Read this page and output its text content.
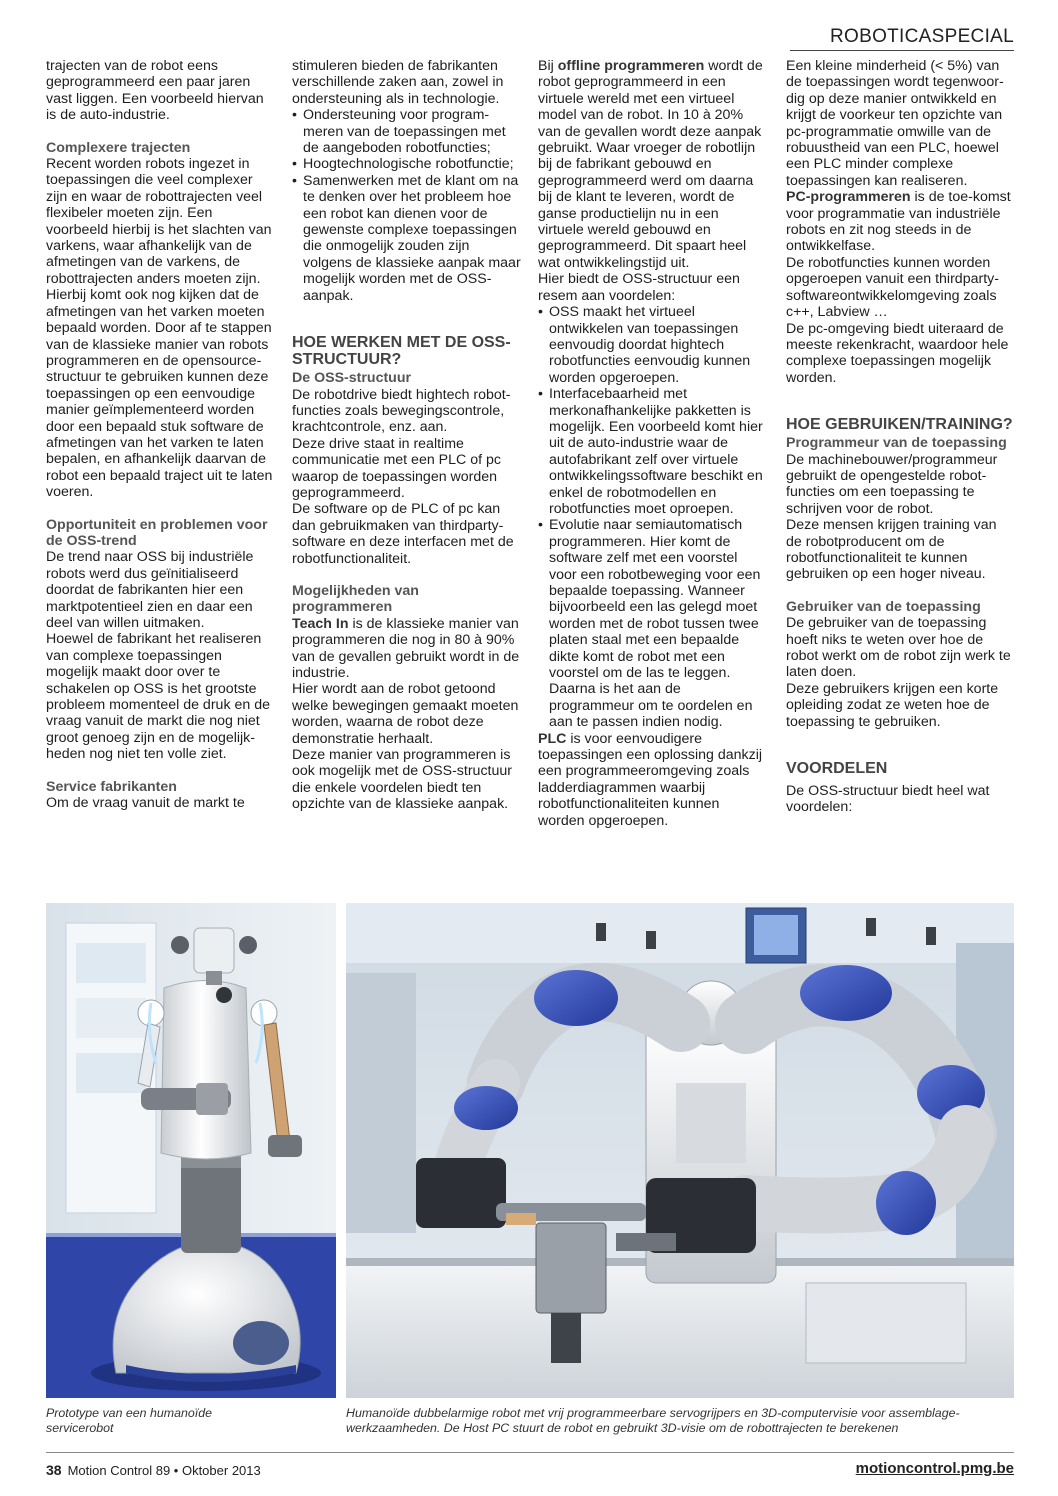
ROBOTICASPECIAL

trajecten van de robot eens geprogrammeerd een paar jaren vast liggen. Een voorbeeld hiervan is de auto-industrie.

Complexere trajecten

Recent worden robots ingezet in toepassingen die veel complexer zijn en waar de robottrajecten veel flexibeler moeten zijn. Een voorbeeld hierbij is het slachten van varkens, waar afhankelijk van de afmetingen van de varkens, de robottrajecten anders moeten zijn. Hierbij komt ook nog kijken dat de afmetingen van het varken moeten bepaald worden. Door af te stappen van de klassieke manier van robots programmeren en de opensource-structuur te gebruiken kunnen deze toepassingen op een eenvoudige manier geïmplementeerd worden door een bepaald stuk software de afmetingen van het varken te laten bepalen, en afhankelijk daarvan de robot een bepaald traject uit te laten voeren.

Opportuniteit en problemen voor de OSS-trend

De trend naar OSS bij industriële robots werd dus geïnitialiseerd doordat de fabrikanten hier een marktpotentieel zien en daar een deel van willen uitmaken.

Hoewel de fabrikant het realiseren van complexe toepassingen mogelijk maakt door over te schakelen op OSS is het grootste probleem momenteel de druk en de vraag vanuit de markt die nog niet groot genoeg zijn en de mogelijk-heden nog niet ten volle ziet.

Service fabrikanten

Om de vraag vanuit de markt te

stimuleren bieden de fabrikanten verschillende zaken aan, zowel in ondersteuning als in technologie.

• Ondersteuning voor program-meren van de toepassingen met de aangeboden robotfuncties;
• Hoogtechnologische robotfunctie;
• Samenwerken met de klant om na te denken over het probleem hoe een robot kan dienen voor de gewenste complexe toepassingen die onmogelijk zouden zijn volgens de klassieke aanpak maar mogelijk worden met de OSS-aanpak.
HOE WERKEN MET DE OSS-STRUCTUUR?
De OSS-structuur

De robotdrive biedt hightech robot-functies zoals bewegingscontrole, krachtcontrole, enz. aan.

Deze drive staat in realtime communicatie met een PLC of pc waarop de toepassingen worden geprogrammeerd.

De software op de PLC of pc kan dan gebruikmaken van thirdparty-software en deze interfacen met de robotfunctionaliteit.

Mogelijkheden van programmeren

Teach In is de klassieke manier van programmeren die nog in 80 à 90% van de gevallen gebruikt wordt in de industrie.

Hier wordt aan de robot getoond welke bewegingen gemaakt moeten worden, waarna de robot deze demonstratie herhaalt.

Deze manier van programmeren is ook mogelijk met de OSS-structuur die enkele voordelen biedt ten opzichte van de klassieke aanpak.

Bij offline programmeren wordt de robot geprogrammeerd in een virtuele wereld met een virtueel model van de robot. In 10 à 20% van de gevallen wordt deze aanpak gebruikt. Waar vroeger de robotlijn bij de fabrikant gebouwd en geprogrammeerd werd om daarna bij de klant te leveren, wordt de ganse productielijn nu in een virtuele wereld gebouwd en geprogrammeerd. Dit spaart heel wat ontwikkelingstijd uit.

Hier biedt de OSS-structuur een resem aan voordelen:

• OSS maakt het virtueel ontwikkelen van toepassingen eenvoudig doordat hightech robotfuncties eenvoudig kunnen worden opgeroepen.
• Interfacebaarheid met merkonafhankelijke pakketten is mogelijk. Een voorbeeld komt hier uit de auto-industrie waar de autofabrikant zelf over virtuele ontwikkelingssoftware beschikt en enkel de robotmodellen en robotfuncties moet oproepen.
• Evolutie naar semiautomatisch programmeren. Hier komt de software zelf met een voorstel voor een robotbeweging voor een bepaalde toepassing. Wanneer bijvoorbeeld een las gelegd moet worden met de robot tussen twee platen staal met een bepaalde dikte komt de robot met een voorstel om de las te leggen. Daarna is het aan de programmeur om te oordelen en aan te passen indien nodig.

PLC is voor eenvoudigere toepassingen een oplossing dankzij een programmeeromgeving zoals ladderdiagrammen waarbij robotfunctionaliteiten kunnen worden opgeroepen.

Een kleine minderheid (< 5%) van de toepassingen wordt tegenwoor-dig op deze manier ontwikkeld en krijgt de voorkeur ten opzichte van pc-programmatie omwille van de robuustheid van een PLC, hoewel een PLC minder complexe toepassingen kan realiseren.

PC-programmeren is de toe-komst voor programmatie van industriële robots en zit nog steeds in de ontwikkelfase.

De robotfuncties kunnen worden opgeroepen vanuit een thirdparty-softwareontwikkelomgeving zoals c++, Labview …

De pc-omgeving biedt uiteraard de meeste rekenkracht, waardoor hele complexe toepassingen mogelijk worden.

HOE GEBRUIKEN/TRAINING?
Programmeur van de toepassing

De machinebouwer/programmeur gebruikt de opengestelde robot-functies om een toepassing te schrijven voor de robot.

Deze mensen krijgen training van de robotproducent om de robotfunctionaliteit te kunnen gebruiken op een hoger niveau.

Gebruiker van de toepassing

De gebruiker van de toepassing hoeft niks te weten over hoe de robot werkt om de robot zijn werk te laten doen.

Deze gebruikers krijgen een korte opleiding zodat ze weten hoe de toepassing te gebruiken.

VOORDELEN

De OSS-structuur biedt heel wat voordelen:

Prototype van een humanoïde servicerobot
Humanoïde dubbelarmige robot met vrij programmeerbare servogrijpers en 3D-computervisie voor assemblage-werkzaamheden. De Host PC stuurt de robot en gebruikt 3D-visie om de robottrajecten te berekenen
38 Motion Control 89 • Oktober 2013	motioncontrol.pmg.be
